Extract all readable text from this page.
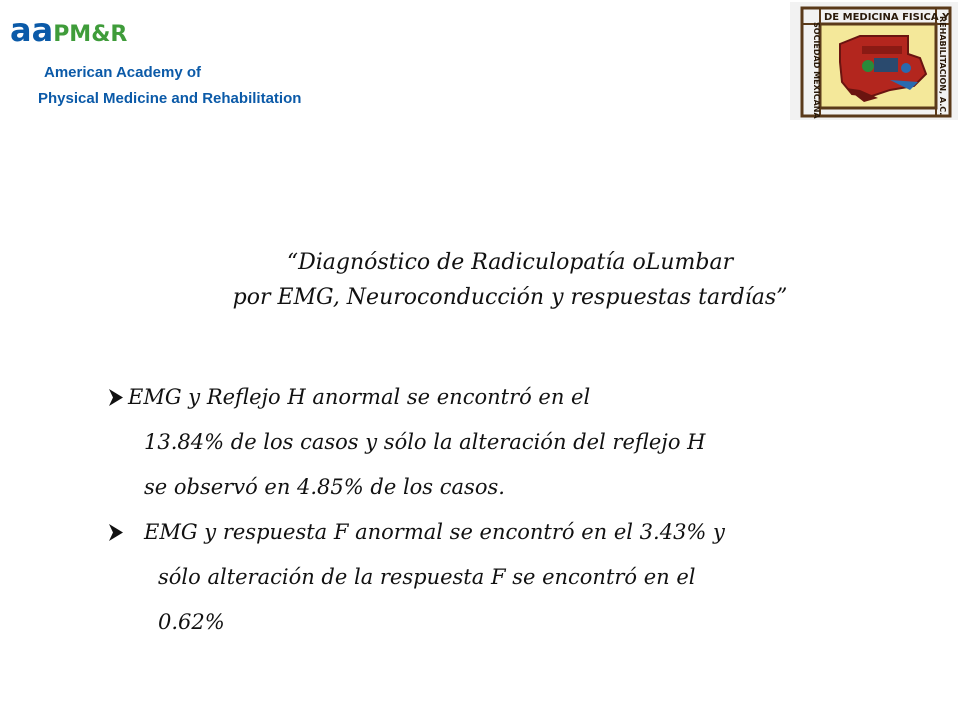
aaPM&R
American Academy of
Physical Medicine and Rehabilitation
DE MEDICINA FISICA Y
SOCIEDAD MEXICANA	REHABILITACION, A.C.
“Diagnóstico de Radiculopatía oLumbar
por EMG, Neuroconducción y respuestas tardías”
EMG y Reflejo H anormal se encontró en el
13.84% de los casos y sólo la alteración del reflejo H
se observó en 4.85% de los casos.
EMG y respuesta F anormal se encontró en el 3.43% y
sólo alteración de la respuesta F se encontró en el
0.62%
